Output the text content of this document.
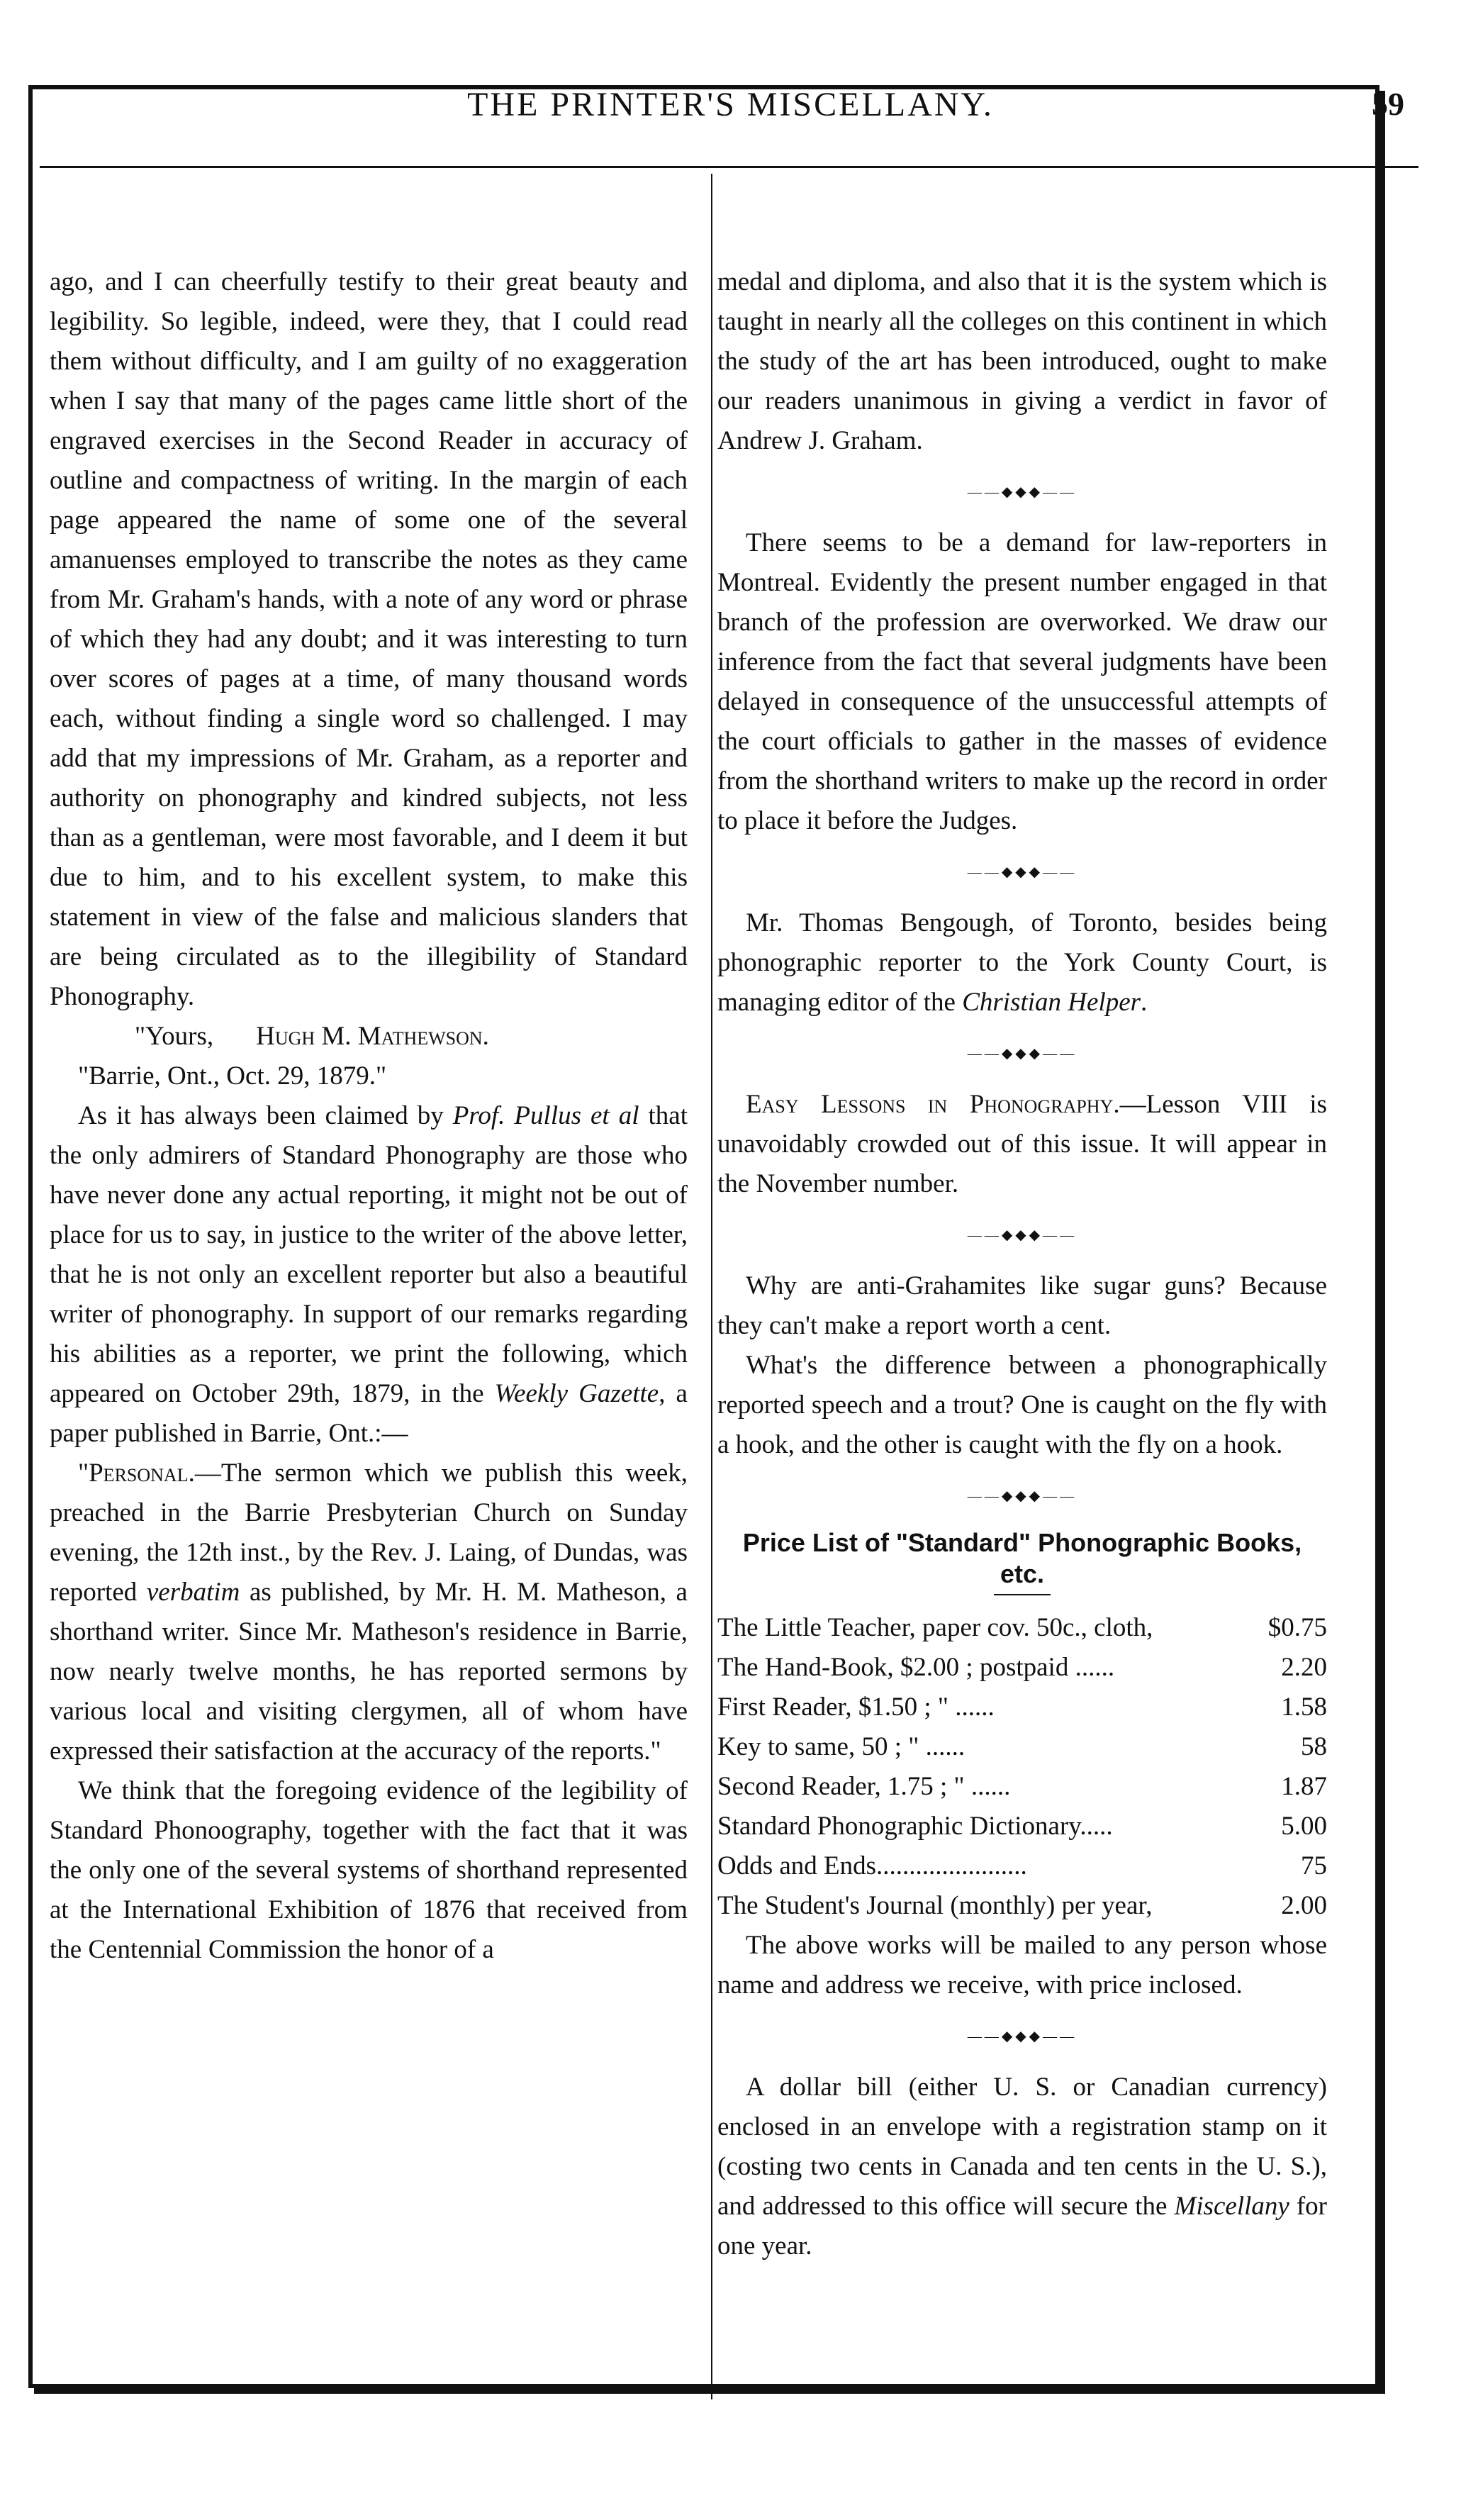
THE PRINTER'S MISCELLANY.	59

ago, and I can cheerfully testify to their great beauty and legibility. So legible, indeed, were they, that I could read them without difficulty, and I am guilty of no exaggeration when I say that many of the pages came little short of the engraved exercises in the Second Reader in accuracy of outline and compactness of writing. In the margin of each page appeared the name of some one of the several amanuenses employed to transcribe the notes as they came from Mr. Graham's hands, with a note of any word or phrase of which they had any doubt; and it was interesting to turn over scores of pages at a time, of many thousand words each, without finding a single word so challenged. I may add that my impressions of Mr. Graham, as a reporter and authority on phonography and kindred subjects, not less than as a gentleman, were most favorable, and I deem it but due to him, and to his excellent system, to make this statement in view of the false and malicious slanders that are being circulated as to the illegibility of Standard Phonography.

"Yours, Hugh M. Mathewson.

"Barrie, Ont., Oct. 29, 1879."

As it has always been claimed by Prof. Pullus et al that the only admirers of Standard Phonography are those who have never done any actual reporting, it might not be out of place for us to say, in justice to the writer of the above letter, that he is not only an excellent reporter but also a beautiful writer of phonography. In support of our remarks regarding his abilities as a reporter, we print the following, which appeared on October 29th, 1879, in the Weekly Gazette, a paper published in Barrie, Ont.:—

"Personal.—The sermon which we publish this week, preached in the Barrie Presbyterian Church on Sunday evening, the 12th inst., by the Rev. J. Laing, of Dundas, was reported verbatim as published, by Mr. H. M. Matheson, a shorthand writer. Since Mr. Matheson's residence in Barrie, now nearly twelve months, he has reported sermons by various local and visiting clergymen, all of whom have expressed their satisfaction at the accuracy of the reports."

We think that the foregoing evidence of the legibility of Standard Phonoography, together with the fact that it was the only one of the several systems of shorthand represented at the International Exhibition of 1876 that received from the Centennial Commission the honor of a

medal and diploma, and also that it is the system which is taught in nearly all the colleges on this continent in which the study of the art has been introduced, ought to make our readers unanimous in giving a verdict in favor of Andrew J. Graham.

——◆◆◆——

There seems to be a demand for law-reporters in Montreal. Evidently the present number engaged in that branch of the profession are overworked. We draw our inference from the fact that several judgments have been delayed in consequence of the unsuccessful attempts of the court officials to gather in the masses of evidence from the shorthand writers to make up the record in order to place it before the Judges.

——◆◆◆——

Mr. Thomas Bengough, of Toronto, besides being phonographic reporter to the York County Court, is managing editor of the Christian Helper.

——◆◆◆——

Easy Lessons in Phonography.—Lesson VIII is unavoidably crowded out of this issue. It will appear in the November number.

——◆◆◆——

Why are anti-Grahamites like sugar guns? Because they can't make a report worth a cent.

What's the difference between a phonographically reported speech and a trout? One is caught on the fly with a hook, and the other is caught with the fly on a hook.

——◆◆◆——
Price List of "Standard" Phonographic Books, etc.
The Little Teacher, paper cov. 50c., cloth,	$0.75
The Hand-Book, $2.00 ; postpaid ......	2.20
First Reader, $1.50 ; " ......	1.58
Key to same, 50 ; " ......	58
Second Reader, 1.75 ; " ......	1.87
Standard Phonographic Dictionary.....	5.00
Odds and Ends.......................	75
The Student's Journal (monthly) per year,	2.00

The above works will be mailed to any person whose name and address we receive, with price inclosed.

——◆◆◆——

A dollar bill (either U. S. or Canadian currency) enclosed in an envelope with a registration stamp on it (costing two cents in Canada and ten cents in the U. S.), and addressed to this office will secure the Miscellany for one year.
